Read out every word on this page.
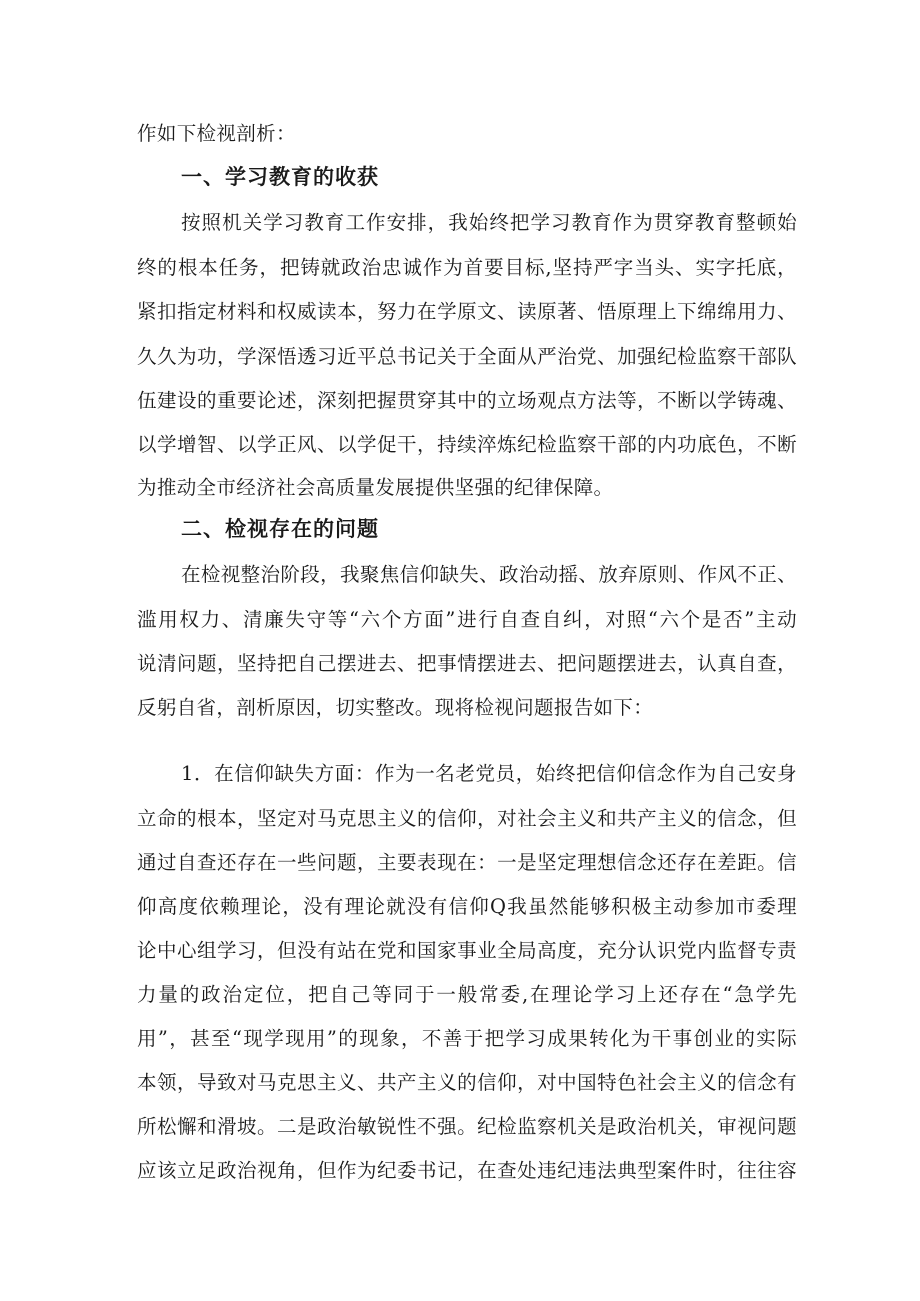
作如下检视剖析：
一、学习教育的收获
按照机关学习教育工作安排，我始终把学习教育作为贯穿教育整顿始
终的根本任务，把铸就政治忠诚作为首要目标,坚持严字当头、实字托底，
紧扣指定材料和权威读本，努力在学原文、读原著、悟原理上下绵绵用力、
久久为功，学深悟透习近平总书记关于全面从严治党、加强纪检监察干部队
伍建设的重要论述，深刻把握贯穿其中的立场观点方法等，不断以学铸魂、
以学增智、以学正风、以学促干，持续淬炼纪检监察干部的内功底色，不断
为推动全市经济社会高质量发展提供坚强的纪律保障。
二、检视存在的问题
在检视整治阶段，我聚焦信仰缺失、政治动摇、放弃原则、作风不正、
滥用权力、清廉失守等“六个方面”进行自查自纠，对照“六个是否”主动
说清问题，坚持把自己摆进去、把事情摆进去、把问题摆进去，认真自查，
反躬自省，剖析原因，切实整改。现将检视问题报告如下：
1．在信仰缺失方面：作为一名老党员，始终把信仰信念作为自己安身
立命的根本，坚定对马克思主义的信仰，对社会主义和共产主义的信念，但
通过自查还存在一些问题，主要表现在：一是坚定理想信念还存在差距。信
仰高度依赖理论，没有理论就没有信仰Q我虽然能够积极主动参加市委理
论中心组学习，但没有站在党和国家事业全局高度，充分认识党内监督专责
力量的政治定位，把自己等同于一般常委,在理论学习上还存在“急学先
用”，甚至“现学现用”的现象，不善于把学习成果转化为干事创业的实际
本领，导致对马克思主义、共产主义的信仰，对中国特色社会主义的信念有
所松懈和滑坡。二是政治敏锐性不强。纪检监察机关是政治机关，审视问题
应该立足政治视角，但作为纪委书记，在查处违纪违法典型案件时，往往容
